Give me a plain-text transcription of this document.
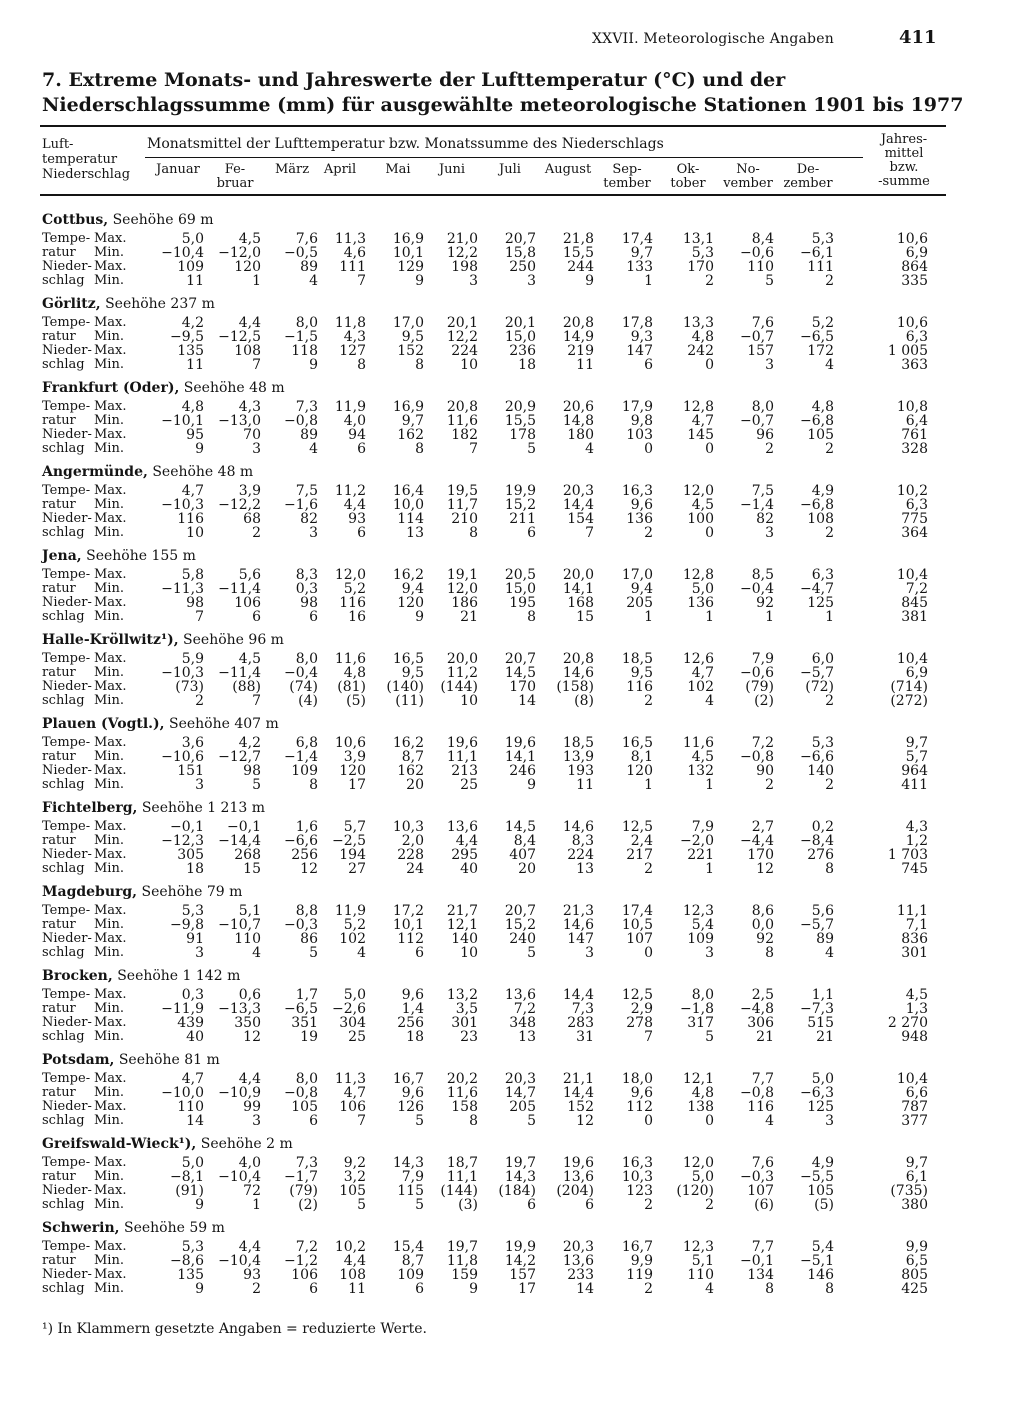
XXVII. Meteorologische Angaben	411
7. Extreme Monats- und Jahreswerte der Lufttemperatur (°C) und der Niederschlagssumme (mm) für ausgewählte meteorologische Stationen 1901 bis 1977
Luft-
temperatur
Niederschlag
Monatsmittel der Lufttemperatur bzw. Monatssumme des Niederschlags	Jahres-
mittel
bzw.
-summe
Januar	Fe-
bruar
März	April	Mai	Juni	Juli	August	Sep-
tember
Ok-
tober
No-
vember
De-
zember
Cottbus, Seehöhe 69 m
Tempe- Max.	5,0	4,5	7,6	11,3	16,9	21,0	20,7	21,8	17,4	13,1	8,4	5,3	10,6
ratur Min.	−10,4	−12,0	−0,5	4,6	10,1	12,2	15,8	15,5	9,7	5,3	−0,6	−6,1	6,9
Nieder- Max.	109	120	89	111	129	198	250	244	133	170	110	111	864
schlag Min.	11	1	4	7	9	3	3	9	1	2	5	2	335
Görlitz, Seehöhe 237 m
Tempe- Max.	4,2	4,4	8,0	11,8	17,0	20,1	20,1	20,8	17,8	13,3	7,6	5,2	10,6
ratur Min.	−9,5	−12,5	−1,5	4,3	9,5	12,2	15,0	14,9	9,3	4,8	−0,7	−6,5	6,3
Nieder- Max.	135	108	118	127	152	224	236	219	147	242	157	172	1 005
schlag Min.	11	7	9	8	8	10	18	11	6	0	3	4	363
Frankfurt (Oder), Seehöhe 48 m
Tempe- Max.	4,8	4,3	7,3	11,9	16,9	20,8	20,9	20,6	17,9	12,8	8,0	4,8	10,8
ratur Min.	−10,1	−13,0	−0,8	4,0	9,7	11,6	15,5	14,8	9,8	4,7	−0,7	−6,8	6,4
Nieder- Max.	95	70	89	94	162	182	178	180	103	145	96	105	761
schlag Min.	9	3	4	6	8	7	5	4	0	0	2	2	328
Angermünde, Seehöhe 48 m
Tempe- Max.	4,7	3,9	7,5	11,2	16,4	19,5	19,9	20,3	16,3	12,0	7,5	4,9	10,2
ratur Min.	−10,3	−12,2	−1,6	4,4	10,0	11,7	15,2	14,4	9,6	4,5	−1,4	−6,8	6,3
Nieder- Max.	116	68	82	93	114	210	211	154	136	100	82	108	775
schlag Min.	10	2	3	6	13	8	6	7	2	0	3	2	364
Jena, Seehöhe 155 m
Tempe- Max.	5,8	5,6	8,3	12,0	16,2	19,1	20,5	20,0	17,0	12,8	8,5	6,3	10,4
ratur Min.	−11,3	−11,4	0,3	5,2	9,4	12,0	15,0	14,1	9,4	5,0	−0,4	−4,7	7,2
Nieder- Max.	98	106	98	116	120	186	195	168	205	136	92	125	845
schlag Min.	7	6	6	16	9	21	8	15	1	1	1	1	381
Halle-Kröllwitz¹), Seehöhe 96 m
Tempe- Max.	5,9	4,5	8,0	11,6	16,5	20,0	20,7	20,8	18,5	12,6	7,9	6,0	10,4
ratur Min.	−10,3	−11,4	−0,4	4,8	9,5	11,2	14,5	14,6	9,5	4,7	−0,6	−5,7	6,9
Nieder- Max.	(73)	(88)	(74)	(81)	(140)	(144)	170	(158)	116	102	(79)	(72)	(714)
schlag Min.	2	7	(4)	(5)	(11)	10	14	(8)	2	4	(2)	2	(272)
Plauen (Vogtl.), Seehöhe 407 m
Tempe- Max.	3,6	4,2	6,8	10,6	16,2	19,6	19,6	18,5	16,5	11,6	7,2	5,3	9,7
ratur Min.	−10,6	−12,7	−1,4	3,9	8,7	11,1	14,1	13,9	8,1	4,5	−0,8	−6,6	5,7
Nieder- Max.	151	98	109	120	162	213	246	193	120	132	90	140	964
schlag Min.	3	5	8	17	20	25	9	11	1	1	2	2	411
Fichtelberg, Seehöhe 1 213 m
Tempe- Max.	−0,1	−0,1	1,6	5,7	10,3	13,6	14,5	14,6	12,5	7,9	2,7	0,2	4,3
ratur Min.	−12,3	−14,4	−6,6	−2,5	2,0	4,4	8,4	8,3	2,4	−2,0	−4,4	−8,4	1,2
Nieder- Max.	305	268	256	194	228	295	407	224	217	221	170	276	1 703
schlag Min.	18	15	12	27	24	40	20	13	2	1	12	8	745
Magdeburg, Seehöhe 79 m
Tempe- Max.	5,3	5,1	8,8	11,9	17,2	21,7	20,7	21,3	17,4	12,3	8,6	5,6	11,1
ratur Min.	−9,8	−10,7	−0,3	5,2	10,1	12,1	15,2	14,6	10,5	5,4	0,0	−5,7	7,1
Nieder- Max.	91	110	86	102	112	140	240	147	107	109	92	89	836
schlag Min.	3	4	5	4	6	10	5	3	0	3	8	4	301
Brocken, Seehöhe 1 142 m
Tempe- Max.	0,3	0,6	1,7	5,0	9,6	13,2	13,6	14,4	12,5	8,0	2,5	1,1	4,5
ratur Min.	−11,9	−13,3	−6,5	−2,6	1,4	3,5	7,2	7,3	2,9	−1,8	−4,8	−7,3	1,3
Nieder- Max.	439	350	351	304	256	301	348	283	278	317	306	515	2 270
schlag Min.	40	12	19	25	18	23	13	31	7	5	21	21	948
Potsdam, Seehöhe 81 m
Tempe- Max.	4,7	4,4	8,0	11,3	16,7	20,2	20,3	21,1	18,0	12,1	7,7	5,0	10,4
ratur Min.	−10,0	−10,9	−0,8	4,7	9,6	11,6	14,7	14,4	9,6	4,8	−0,8	−6,3	6,6
Nieder- Max.	110	99	105	106	126	158	205	152	112	138	116	125	787
schlag Min.	14	3	6	7	5	8	5	12	0	0	4	3	377
Greifswald-Wieck¹), Seehöhe 2 m
Tempe- Max.	5,0	4,0	7,3	9,2	14,3	18,7	19,7	19,6	16,3	12,0	7,6	4,9	9,7
ratur Min.	−8,1	−10,4	−1,7	3,2	7,9	11,1	14,3	13,6	10,3	5,0	−0,3	−5,5	6,1
Nieder- Max.	(91)	72	(79)	105	115	(144)	(184)	(204)	123	(120)	107	105	(735)
schlag Min.	9	1	(2)	5	5	(3)	6	6	2	2	(6)	(5)	380
Schwerin, Seehöhe 59 m
Tempe- Max.	5,3	4,4	7,2	10,2	15,4	19,7	19,9	20,3	16,7	12,3	7,7	5,4	9,9
ratur Min.	−8,6	−10,4	−1,2	4,4	8,7	11,8	14,2	13,6	9,9	5,1	−0,1	−5,1	6,5
Nieder- Max.	135	93	106	108	109	159	157	233	119	110	134	146	805
schlag Min.	9	2	6	11	6	9	17	14	2	4	8	8	425
¹) In Klammern gesetzte Angaben = reduzierte Werte.
